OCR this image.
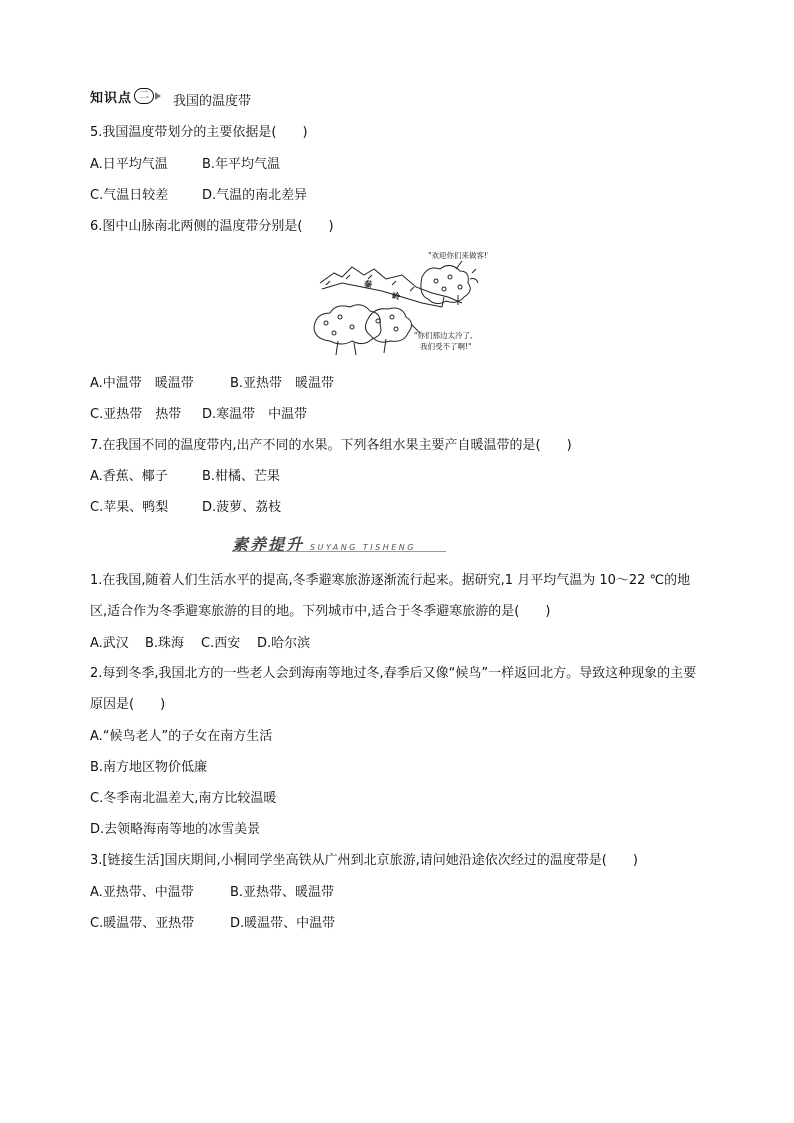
知识点 二	我国的温度带
5.我国温度带划分的主要依据是(　　)
A.日平均气温	B.年平均气温
C.气温日较差	D.气温的南北差异
6.图中山脉南北两侧的温度带分别是(　　)
"欢迎你们来做客!"
秦
岭
"你们那边太冷了,
我们受不了啊!"
A.中温带　暖温带	B.亚热带　暖温带
C.亚热带　热带 D.寒温带　中温带
7.在我国不同的温度带内,出产不同的水果。下列各组水果主要产自暖温带的是(　　)
A.香蕉、椰子	B.柑橘、芒果
C.苹果、鸭梨	D.菠萝、荔枝
素养提升 SUYANG TISHENG
1.在我国,随着人们生活水平的提高,冬季避寒旅游逐渐流行起来。据研究,1 月平均气温为 10～22 ℃的地区,适合作为冬季避寒旅游的目的地。下列城市中,适合于冬季避寒旅游的是(　　)
A.武汉 B.珠海 C.西安 D.哈尔滨
2.每到冬季,我国北方的一些老人会到海南等地过冬,春季后又像“候鸟”一样返回北方。导致这种现象的主要原因是(　　)
A.“候鸟老人”的子女在南方生活
B.南方地区物价低廉
C.冬季南北温差大,南方比较温暖
D.去领略海南等地的冰雪美景
3.[链接生活]国庆期间,小桐同学坐高铁从广州到北京旅游,请问她沿途依次经过的温度带是(　　)
A.亚热带、中温带	B.亚热带、暖温带
C.暖温带、亚热带	D.暖温带、中温带
